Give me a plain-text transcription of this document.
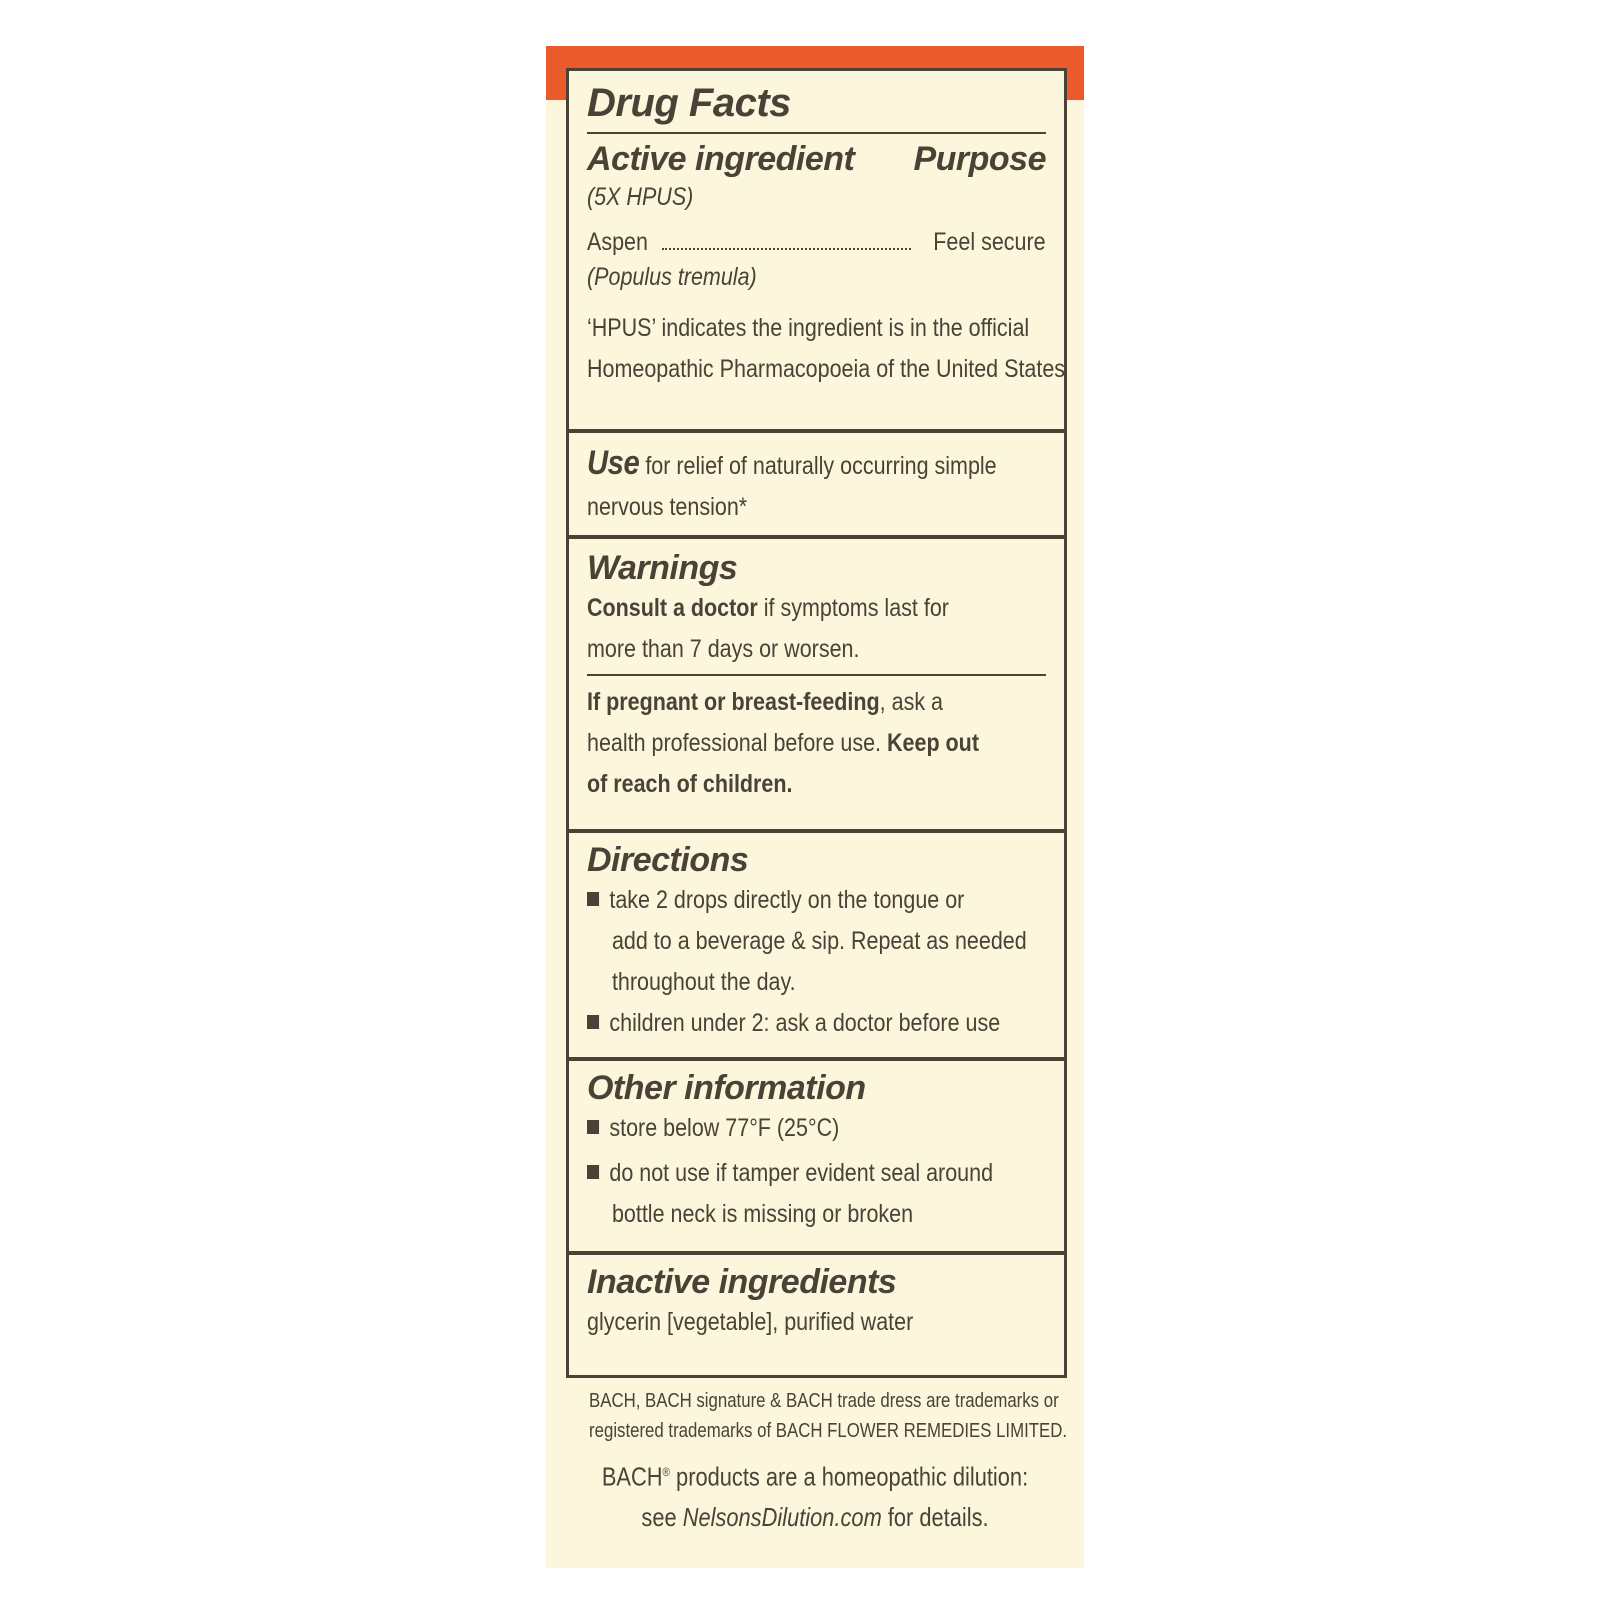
Drug Facts
Active ingredient Purpose
(5X HPUS)
Aspen	Feel secure
(Populus tremula)
‘HPUS’ indicates the ingredient is in the official
Homeopathic Pharmacopoeia of the United States
Use for relief of naturally occurring simple
nervous tension*
Warnings
Consult a doctor if symptoms last for
more than 7 days or worsen.
If pregnant or breast-feeding, ask a
health professional before use. Keep out
of reach of children.
Directions
take 2 drops directly on the tongue or
add to a beverage & sip. Repeat as needed
throughout the day.
children under 2: ask a doctor before use
Other information
store below 77°F (25°C)
do not use if tamper evident seal around
bottle neck is missing or broken
Inactive ingredients
glycerin [vegetable], purified water
BACH, BACH signature & BACH trade dress are trademarks or
registered trademarks of BACH FLOWER REMEDIES LIMITED.
BACH® products are a homeopathic dilution:
see NelsonsDilution.com for details.
